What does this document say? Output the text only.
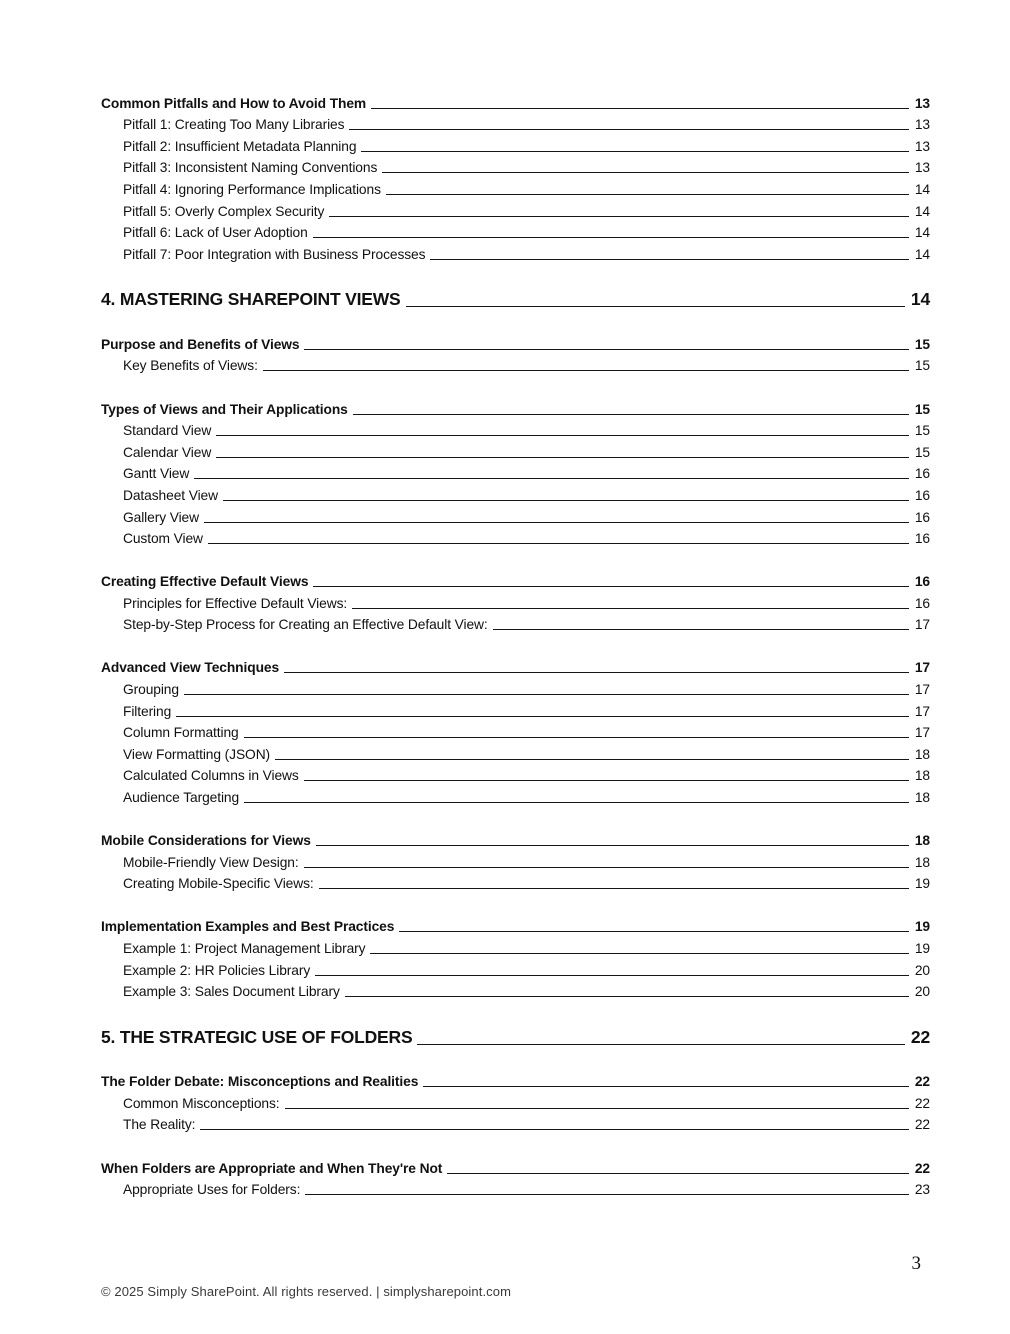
Common Pitfalls and How to Avoid Them	13
Pitfall 1: Creating Too Many Libraries	13
Pitfall 2: Insufficient Metadata Planning	13
Pitfall 3: Inconsistent Naming Conventions	13
Pitfall 4: Ignoring Performance Implications	14
Pitfall 5: Overly Complex Security	14
Pitfall 6: Lack of User Adoption	14
Pitfall 7: Poor Integration with Business Processes	14
4. MASTERING SHAREPOINT VIEWS	14
Purpose and Benefits of Views	15
Key Benefits of Views:	15
Types of Views and Their Applications	15
Standard View	15
Calendar View	15
Gantt View	16
Datasheet View	16
Gallery View	16
Custom View	16
Creating Effective Default Views	16
Principles for Effective Default Views:	16
Step-by-Step Process for Creating an Effective Default View:	17
Advanced View Techniques	17
Grouping	17
Filtering	17
Column Formatting	17
View Formatting (JSON)	18
Calculated Columns in Views	18
Audience Targeting	18
Mobile Considerations for Views	18
Mobile-Friendly View Design:	18
Creating Mobile-Specific Views:	19
Implementation Examples and Best Practices	19
Example 1: Project Management Library	19
Example 2: HR Policies Library	20
Example 3: Sales Document Library	20
5. THE STRATEGIC USE OF FOLDERS	22
The Folder Debate: Misconceptions and Realities	22
Common Misconceptions:	22
The Reality:	22
When Folders are Appropriate and When They're Not	22
Appropriate Uses for Folders:	23
3
© 2025 Simply SharePoint. All rights reserved. | simplysharepoint.com
